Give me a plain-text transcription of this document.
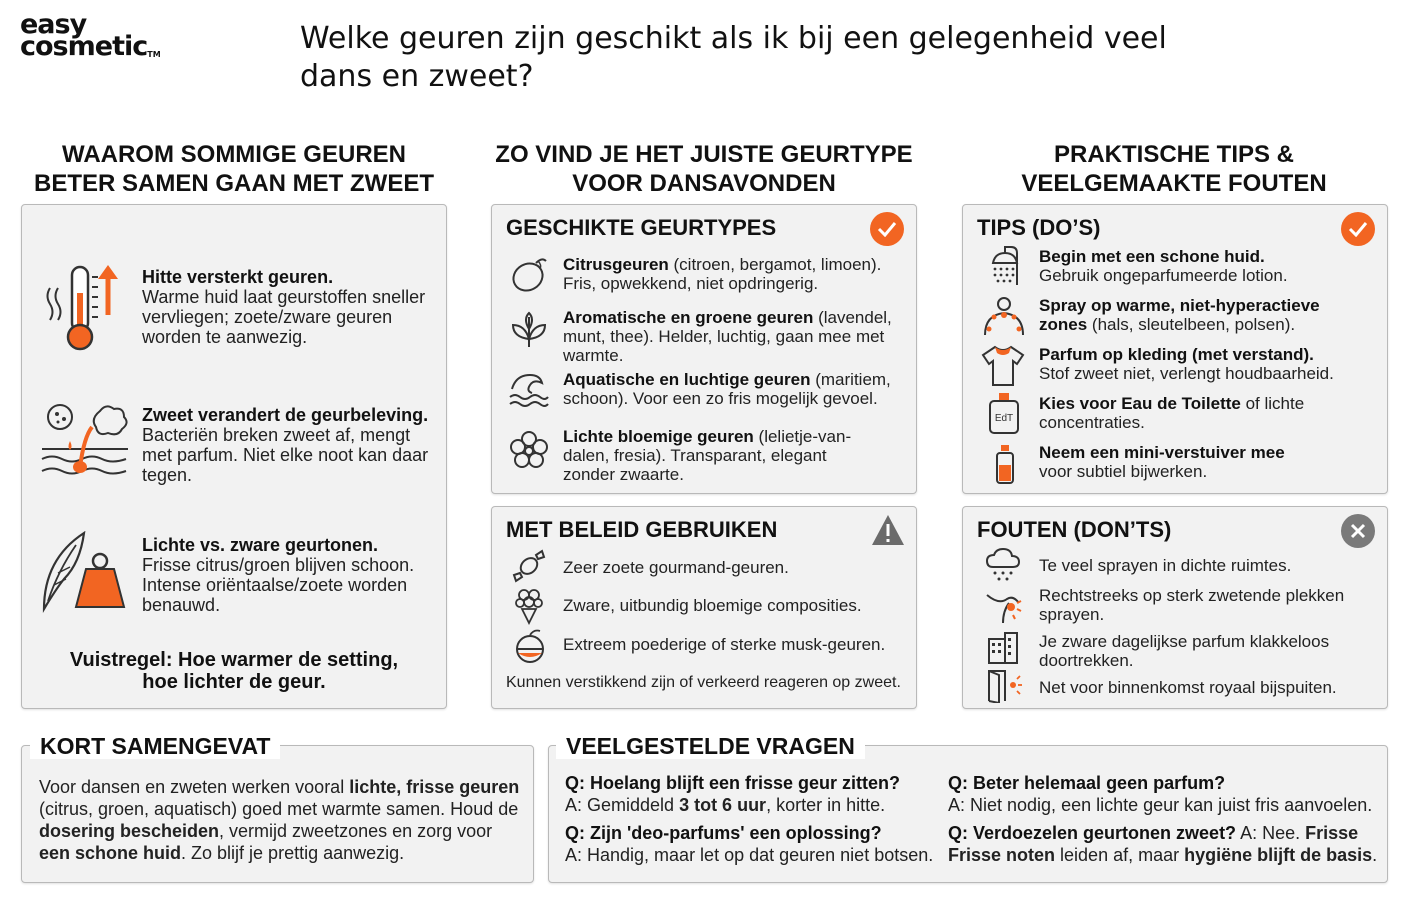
easy
cosmetic™	Welke geuren zijn geschikt als ik bij een gelegenheid veel dans en zweet?
WAAROM SOMMIGE GEUREN BETER SAMEN GAAN MET ZWEET
ZO VIND JE HET JUISTE GEURTYPE VOOR DANSAVONDEN
PRAKTISCHE TIPS & VEELGEMAAKTE FOUTEN
Hitte versterkt geuren.
Warme huid laat geurstoffen sneller vervliegen; zoete/zware geuren worden te aanwezig.
Zweet verandert de geurbeleving.
Bacteriën breken zweet af, mengt met parfum. Niet elke noot kan daar tegen.
Lichte vs. zware geurtonen.
Frisse citrus/groen blijven schoon. Intense oriëntaalse/zoete worden benauwd.
Vuistregel: Hoe warmer de setting, hoe lichter de geur.
GESCHIKTE GEURTYPES
Citrusgeuren (citroen, bergamot, limoen). Fris, opwekkend, niet opdringerig.
Aromatische en groene geuren (lavendel, munt, thee). Helder, luchtig, gaan mee met warmte.
Aquatische en luchtige geuren (maritiem, schoon). Voor een zo fris mogelijk gevoel.
Lichte bloemige geuren (lelietje-van-dalen, fresia). Transparant, elegant zonder zwaarte.
MET BELEID GEBRUIKEN
Zeer zoete gourmand-geuren.
Zware, uitbundig bloemige composities.
Extreem poederige of sterke musk-geuren.
Kunnen verstikkend zijn of verkeerd reageren op zweet.
TIPS (DO’S)
Begin met een schone huid.
Gebruik ongeparfumeerde lotion.
Spray op warme, niet-hyperactieve zones (hals, sleutelbeen, polsen).
Parfum op kleding (met verstand).
Stof zweet niet, verlengt houdbaarheid.
EdT
Kies voor Eau de Toilette of lichte concentraties.
Neem een mini-verstuiver mee
voor subtiel bijwerken.
FOUTEN (DON’TS)
Te veel sprayen in dichte ruimtes.
Rechtstreeks op sterk zwetende plekken sprayen.
Je zware dagelijkse parfum klakkeloos doortrekken.
Net voor binnenkomst royaal bijspuiten.
KORT SAMENGEVAT
Voor dansen en zweten werken vooral lichte, frisse geuren (citrus, groen, aquatisch) goed met warmte samen. Houd de dosering bescheiden, vermijd zweetzones en zorg voor een schone huid. Zo blijf je prettig aanwezig.
VEELGESTELDE VRAGEN
Q: Hoelang blijft een frisse geur zitten?
A: Gemiddeld 3 tot 6 uur, korter in hitte.
Q: Zijn 'deo-parfums' een oplossing?
A: Handig, maar let op dat geuren niet botsen.
Q: Beter helemaal geen parfum?
A: Niet nodig, een lichte geur kan juist fris aanvoelen.
Q: Verdoezelen geurtonen zweet? A: Nee. Frisse
Frisse noten leiden af, maar hygiëne blijft de basis.
